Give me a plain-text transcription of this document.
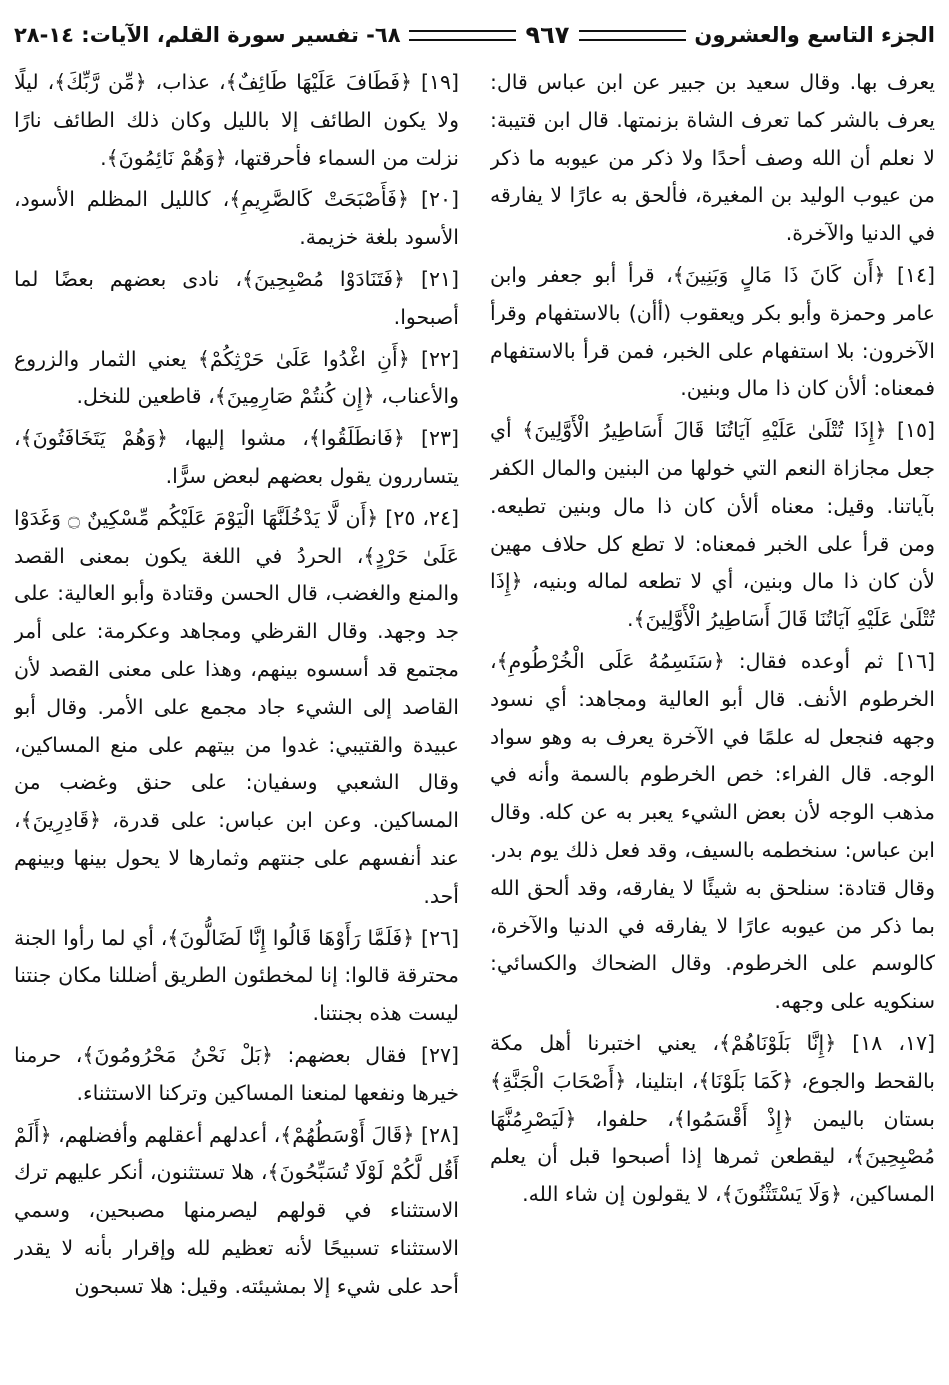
الجزء التاسع والعشرون
٩٦٧
٦٨- تفسير سورة القلم، الآيات: ١٤-٢٨

يعرف بها. وقال سعيد بن جبير عن ابن عباس قال: يعرف بالشر كما تعرف الشاة بزنمتها. قال ابن قتيبة: لا نعلم أن الله وصف أحدًا ولا ذكر من عيوبه ما ذكر من عيوب الوليد بن المغيرة، فألحق به عارًا لا يفارقه في الدنيا والآخرة.

[١٤] ﴿أَن كَانَ ذَا مَالٍ وَبَنِينَ﴾، قرأ أبو جعفر وابن عامر وحمزة وأبو بكر ويعقوب (أأن) بالاستفهام وقرأ الآخرون: بلا استفهام على الخبر، فمن قرأ بالاستفهام فمعناه: ألأن كان ذا مال وبنين.

[١٥] ﴿إِذَا تُتْلَىٰ عَلَيْهِ آيَاتُنَا قَالَ أَسَاطِيرُ الْأَوَّلِينَ﴾ أي جعل مجازاة النعم التي خولها من البنين والمال الكفر بآياتنا. وقيل: معناه ألأن كان ذا مال وبنين تطيعه. ومن قرأ على الخبر فمعناه: لا تطع كل حلاف مهين لأن كان ذا مال وبنين، أي لا تطعه لماله وبنيه، ﴿إِذَا تُتْلَىٰ عَلَيْهِ آيَاتُنَا قَالَ أَسَاطِيرُ الْأَوَّلِينَ﴾.

[١٦] ثم أوعده فقال: ﴿سَنَسِمُهُ عَلَى الْخُرْطُومِ﴾، الخرطوم الأنف. قال أبو العالية ومجاهد: أي نسود وجهه فنجعل له علمًا في الآخرة يعرف به وهو سواد الوجه. قال الفراء: خص الخرطوم بالسمة وأنه في مذهب الوجه لأن بعض الشيء يعبر به عن كله. وقال ابن عباس: سنخطمه بالسيف، وقد فعل ذلك يوم بدر. وقال قتادة: سنلحق به شيئًا لا يفارقه، وقد ألحق الله بما ذكر من عيوبه عارًا لا يفارقه في الدنيا والآخرة، كالوسم على الخرطوم. وقال الضحاك والكسائي: سنكويه على وجهه.

[١٧، ١٨] ﴿إِنَّا بَلَوْنَاهُمْ﴾، يعني اختبرنا أهل مكة بالقحط والجوع، ﴿كَمَا بَلَوْنَا﴾، ابتلينا، ﴿أَصْحَابَ الْجَنَّةِ﴾ بستان باليمن ﴿إِذْ أَقْسَمُوا﴾، حلفوا، ﴿لَيَصْرِمُنَّهَا مُصْبِحِينَ﴾، ليقطعن ثمرها إذا أصبحوا قبل أن يعلم المساكين، ﴿وَلَا يَسْتَثْنُونَ﴾، لا يقولون إن شاء الله.

[١٩] ﴿فَطَافَ عَلَيْهَا طَائِفٌ﴾، عذاب، ﴿مِّن رَّبِّكَ﴾، ليلًا ولا يكون الطائف إلا بالليل وكان ذلك الطائف نارًا نزلت من السماء فأحرقتها، ﴿وَهُمْ نَائِمُونَ﴾.

[٢٠] ﴿فَأَصْبَحَتْ كَالصَّرِيمِ﴾، كالليل المظلم الأسود، الأسود بلغة خزيمة.

[٢١] ﴿فَتَنَادَوْا مُصْبِحِينَ﴾، نادى بعضهم بعضًا لما أصبحوا.

[٢٢] ﴿أَنِ اغْدُوا عَلَىٰ حَرْثِكُمْ﴾ يعني الثمار والزروع والأعناب، ﴿إِن كُنتُمْ صَارِمِينَ﴾، قاطعين للنخل.

[٢٣] ﴿فَانطَلَقُوا﴾، مشوا إليها، ﴿وَهُمْ يَتَخَافَتُونَ﴾، يتساررون يقول بعضهم لبعض سرًّا.

[٢٤، ٢٥] ﴿أَن لَّا يَدْخُلَنَّهَا الْيَوْمَ عَلَيْكُم مِّسْكِينٌ ۝ وَغَدَوْا عَلَىٰ حَرْدٍ﴾، الحردُ في اللغة يكون بمعنى القصد والمنع والغضب، قال الحسن وقتادة وأبو العالية: على جد وجهد. وقال القرظي ومجاهد وعكرمة: على أمر مجتمع قد أسسوه بينهم، وهذا على معنى القصد لأن القاصد إلى الشيء جاد مجمع على الأمر. وقال أبو عبيدة والقتيبي: غدوا من بيتهم على منع المساكين، وقال الشعبي وسفيان: على حنق وغضب من المساكين. وعن ابن عباس: على قدرة، ﴿قَادِرِينَ﴾، عند أنفسهم على جنتهم وثمارها لا يحول بينها وبينهم أحد.

[٢٦] ﴿فَلَمَّا رَأَوْهَا قَالُوا إِنَّا لَضَالُّونَ﴾، أي لما رأوا الجنة محترقة قالوا: إنا لمخطئون الطريق أضللنا مكان جنتنا ليست هذه بجنتنا.

[٢٧] فقال بعضهم: ﴿بَلْ نَحْنُ مَحْرُومُونَ﴾، حرمنا خيرها ونفعها لمنعنا المساكين وتركنا الاستثناء.

[٢٨] ﴿قَالَ أَوْسَطُهُمْ﴾، أعدلهم أعقلهم وأفضلهم، ﴿أَلَمْ أَقُل لَّكُمْ لَوْلَا تُسَبِّحُونَ﴾، هلا تستثنون، أنكر عليهم ترك الاستثناء في قولهم ليصرمنها مصبحين، وسمي الاستثناء تسبيحًا لأنه تعظيم لله وإقرار بأنه لا يقدر أحد على شيء إلا بمشيئته. وقيل: هلا تسبحون
